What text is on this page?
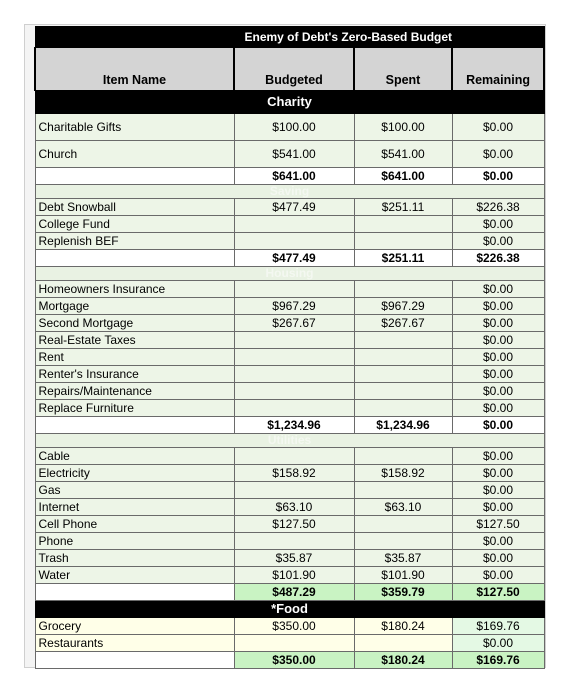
	Enemy of Debt's Zero-Based Budget		
Item Name	Budgeted	Spent	Remaining
Charity			
Charitable Gifts	$100.00	$100.00	$0.00
Church	$541.00	$541.00	$0.00
	$641.00	$641.00	$0.00
Saving			
Debt Snowball	$477.49	$251.11	$226.38
College Fund			$0.00
Replenish BEF			$0.00
	$477.49	$251.11	$226.38
Housing			
Homeowners Insurance			$0.00
Mortgage	$967.29	$967.29	$0.00
Second Mortgage	$267.67	$267.67	$0.00
Real-Estate Taxes			$0.00
Rent			$0.00
Renter's Insurance			$0.00
Repairs/Maintenance			$0.00
Replace Furniture			$0.00
	$1,234.96	$1,234.96	$0.00
Utilities			
Cable			$0.00
Electricity	$158.92	$158.92	$0.00
Gas			$0.00
Internet	$63.10	$63.10	$0.00
Cell Phone	$127.50		$127.50
Phone			$0.00
Trash	$35.87	$35.87	$0.00
Water	$101.90	$101.90	$0.00
	$487.29	$359.79	$127.50
*Food			
Grocery	$350.00	$180.24	$169.76
Restaurants			$0.00
	$350.00	$180.24	$169.76
